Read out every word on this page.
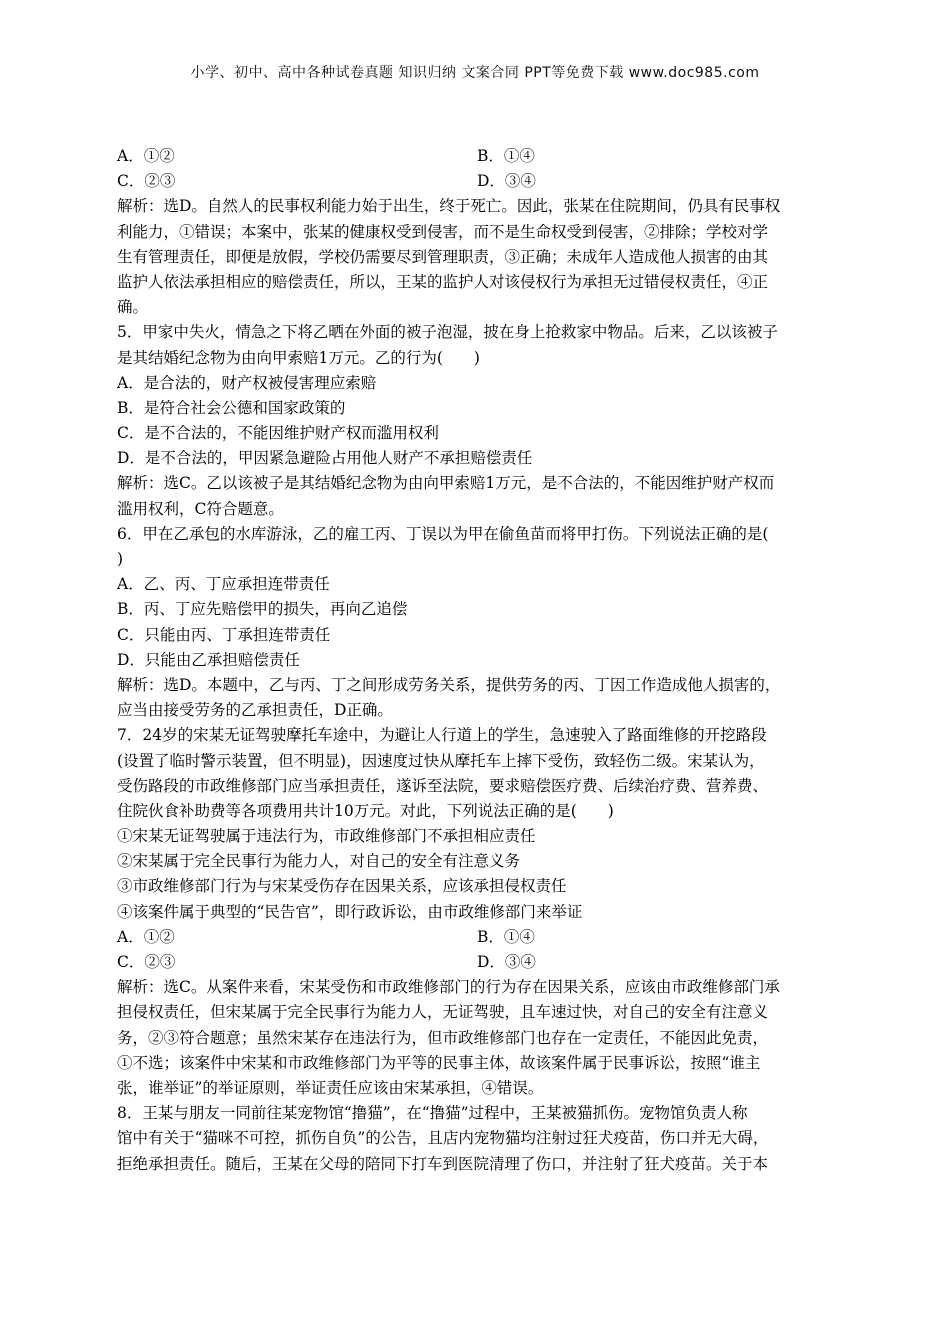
小学、初中、高中各种试卷真题 知识归纳 文案合同 PPT等免费下载 www.doc985.com
A．①②	B．①④
C．②③	D．③④
解析：选D。自然人的民事权利能力始于出生，终于死亡。因此，张某在住院期间，仍具有民事权
利能力，①错误；本案中，张某的健康权受到侵害，而不是生命权受到侵害，②排除；学校对学
生有管理责任，即便是放假，学校仍需要尽到管理职责，③正确；未成年人造成他人损害的由其
监护人依法承担相应的赔偿责任，所以，王某的监护人对该侵权行为承担无过错侵权责任，④正
确。
5．甲家中失火，情急之下将乙晒在外面的被子泡湿，披在身上抢救家中物品。后来，乙以该被子
是其结婚纪念物为由向甲索赔1万元。乙的行为(　　)
A．是合法的，财产权被侵害理应索赔
B．是符合社会公德和国家政策的
C．是不合法的，不能因维护财产权而滥用权利
D．是不合法的，甲因紧急避险占用他人财产不承担赔偿责任
解析：选C。乙以该被子是其结婚纪念物为由向甲索赔1万元，是不合法的，不能因维护财产权而
滥用权利，C符合题意。
6．甲在乙承包的水库游泳，乙的雇工丙、丁误以为甲在偷鱼苗而将甲打伤。下列说法正确的是(
)
A．乙、丙、丁应承担连带责任
B．丙、丁应先赔偿甲的损失，再向乙追偿
C．只能由丙、丁承担连带责任
D．只能由乙承担赔偿责任
解析：选D。本题中，乙与丙、丁之间形成劳务关系，提供劳务的丙、丁因工作造成他人损害的，
应当由接受劳务的乙承担责任，D正确。
7．24岁的宋某无证驾驶摩托车途中，为避让人行道上的学生，急速驶入了路面维修的开挖路段
(设置了临时警示装置，但不明显)，因速度过快从摩托车上摔下受伤，致轻伤二级。宋某认为，
受伤路段的市政维修部门应当承担责任，遂诉至法院，要求赔偿医疗费、后续治疗费、营养费、
住院伙食补助费等各项费用共计10万元。对此，下列说法正确的是(　　)
①宋某无证驾驶属于违法行为，市政维修部门不承担相应责任
②宋某属于完全民事行为能力人，对自己的安全有注意义务
③市政维修部门行为与宋某受伤存在因果关系，应该承担侵权责任
④该案件属于典型的“民告官”，即行政诉讼，由市政维修部门来举证
A．①②	B．①④
C．②③	D．③④
解析：选C。从案件来看，宋某受伤和市政维修部门的行为存在因果关系，应该由市政维修部门承
担侵权责任，但宋某属于完全民事行为能力人，无证驾驶，且车速过快，对自己的安全有注意义
务，②③符合题意；虽然宋某存在违法行为，但市政维修部门也存在一定责任，不能因此免责，
①不选；该案件中宋某和市政维修部门为平等的民事主体，故该案件属于民事诉讼，按照“谁主
张，谁举证”的举证原则，举证责任应该由宋某承担，④错误。
8．王某与朋友一同前往某宠物馆“撸猫”，在“撸猫”过程中，王某被猫抓伤。宠物馆负责人称
馆中有关于“猫咪不可控，抓伤自负”的公告，且店内宠物猫均注射过狂犬疫苗，伤口并无大碍，
拒绝承担责任。随后，王某在父母的陪同下打车到医院清理了伤口，并注射了狂犬疫苗。关于本
